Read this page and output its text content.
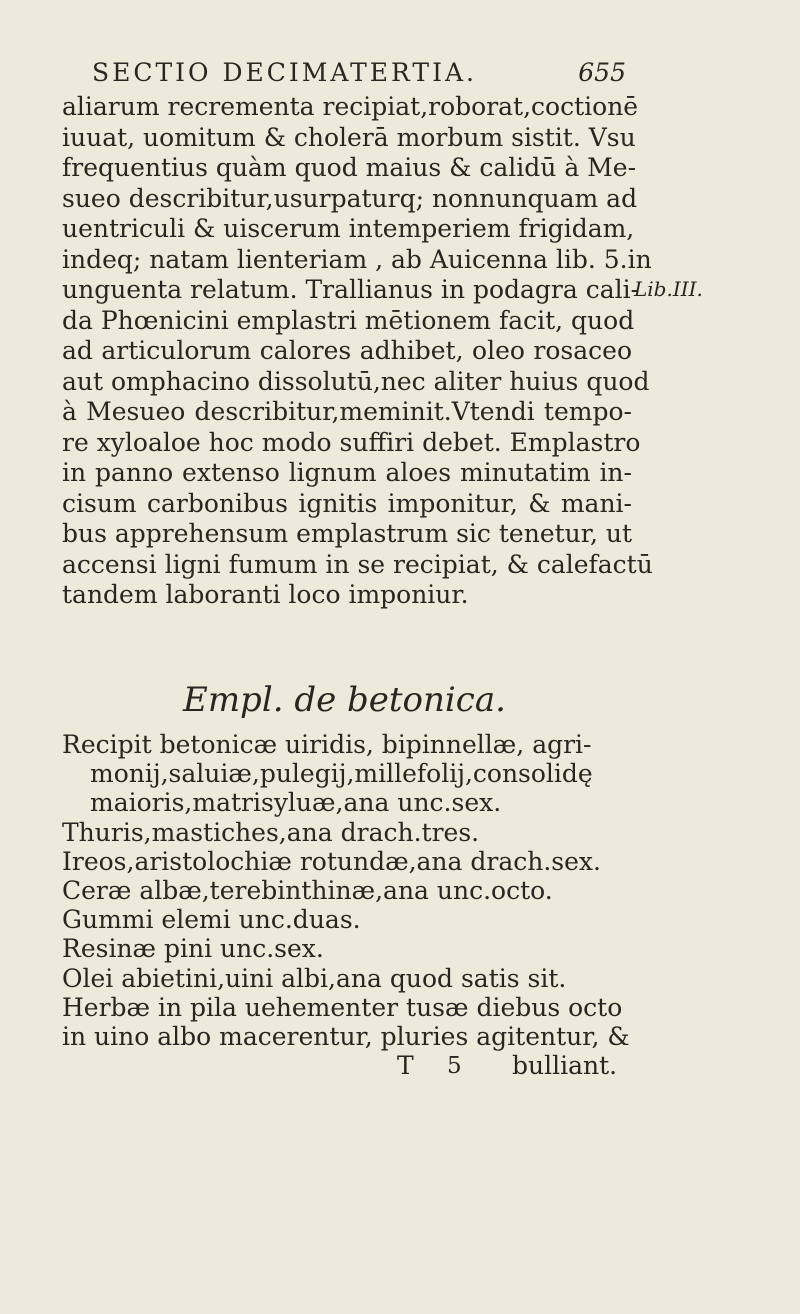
SECTIO DECIMATERTIA.	655
aliarum recrementa recipiat,roborat,coctionē
iuuat, uomitum & cholerā morbum sistit. Vsu
frequentius quàm quod maius & calidū à Me-
sueo describitur,usurpaturq; nonnunquam ad
uentriculi & uiscerum intemperiem frigidam,
indeq; natam lienteriam , ab Auicenna lib. 5.in
unguenta relatum. Trallianus in podagra cali-
da Phœnicini emplastri mētionem facit, quod
ad articulorum calores adhibet, oleo rosaceo
aut omphacino dissolutū,nec aliter huius quod
à Mesueo describitur,meminit.Vtendi tempo-
re xyloaloe hoc modo suffiri debet. Emplastro
in panno extenso lignum aloes minutatim in-
cisum carbonibus ignitis imponitur, & mani-
bus apprehensum emplastrum sic tenetur, ut
accensi ligni fumum in se recipiat, & calefactū
tandem laboranti loco imponiur.
Lib.III.
Empl. de betonica.
Recipit betonicæ uiridis, bipinnellæ, agri-
monij,saluiæ,pulegij,millefolij,consolidę
maioris,matrisyluæ,ana unc.sex.
Thuris,mastiches,ana drach.tres.
Ireos,aristolochiæ rotundæ,ana drach.sex.
Ceræ albæ,terebinthinæ,ana unc.octo.
Gummi elemi unc.duas.
Resinæ pini unc.sex.
Olei abietini,uini albi,ana quod satis sit.
Herbæ in pila uehementer tusæ diebus octo
in uino albo macerentur, pluries agitentur, &
T 5 bulliant.
